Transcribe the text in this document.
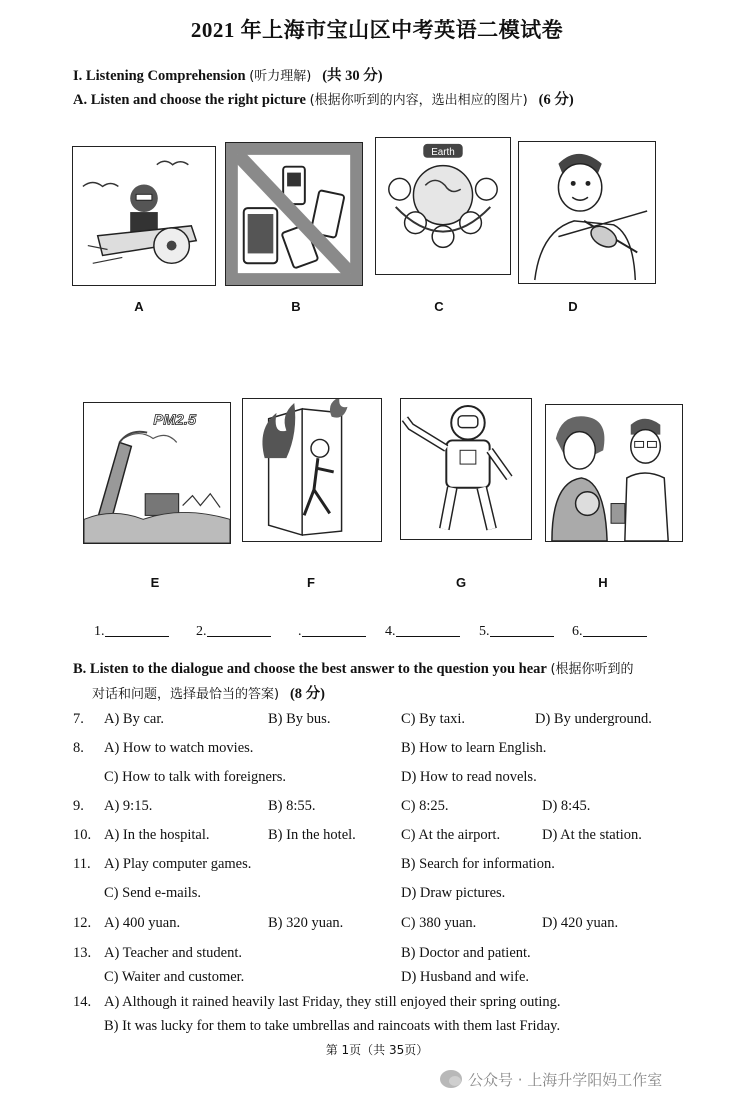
2021 年上海市宝山区中考英语二模试卷
I. Listening Comprehension (听力理解) (共 30 分)
A. Listen and choose the right picture (根据你听到的内容，选出相应的图片) (6 分)
Earth
A	B	C	D
PM2.5
E	F	G	H
1.	2.	.	4.	5.	6.
B. Listen to the dialogue and choose the best answer to the question you hear (根据你听到的
对话和问题，选择最恰当的答案) (8 分)
7. A) By car.	B) By bus.	C) By taxi.	D) By underground.
8. A) How to watch movies.	B) How to learn English.
C) How to talk with foreigners.	D) How to read novels.
9. A) 9:15.	B) 8:55.	C) 8:25.	D) 8:45.
10. A) In the hospital.	B) In the hotel.	C) At the airport.	D) At the station.
11. A) Play computer games.	B) Search for information.
C) Send e-mails.	D) Draw pictures.
12. A) 400 yuan.	B) 320 yuan.	C) 380 yuan.	D) 420 yuan.
13. A) Teacher and student.	B) Doctor and patient.
C) Waiter and customer.	D) Husband and wife.
14. A) Although it rained heavily last Friday, they still enjoyed their spring outing.
B) It was lucky for them to take umbrellas and raincoats with them last Friday.
第 1页（共 35页）
公众号 · 上海升学阳妈工作室
